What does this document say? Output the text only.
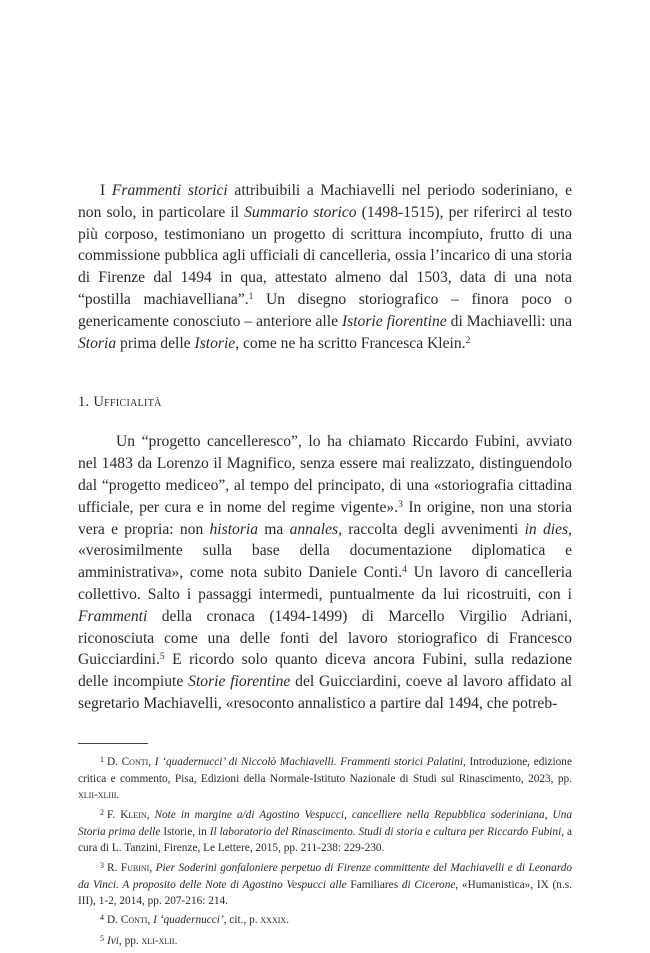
I Frammenti storici attribuibili a Machiavelli nel periodo soderiniano, e non solo, in particolare il Summario storico (1498-1515), per riferirci al testo più corposo, testimoniano un progetto di scrittura incompiuto, frutto di una commissione pubblica agli ufficiali di cancelleria, ossia l’incarico di una storia di Firenze dal 1494 in qua, attestato almeno dal 1503, data di una nota “postilla machiavelliana”.$^1$ Un disegno storiografico – finora poco o genericamente conosciuto – anteriore alle Istorie fiorentine di Machiavelli: una Storia prima delle Istorie, come ne ha scritto Francesca Klein.$^2$

1. Ufficialità

Un “progetto cancelleresco”, lo ha chiamato Riccardo Fubini, avviato nel 1483 da Lorenzo il Magnifico, senza essere mai realizzato, distinguendolo dal “progetto mediceo”, al tempo del principato, di una «storiografia cittadina ufficiale, per cura e in nome del regime vigente».$^3$ In origine, non una storia vera e propria: non historia ma annales, raccolta degli avvenimenti in dies, «verosimilmente sulla base della documentazione diplomatica e amministrativa», come nota subito Daniele Conti.$^4$ Un lavoro di cancelleria collettivo. Salto i passaggi intermedi, puntualmente da lui ricostruiti, con i Frammenti della cronaca (1494-1499) di Marcello Virgilio Adriani, riconosciuta come una delle fonti del lavoro storiografico di Francesco Guicciardini.$^5$ E ricordo solo quanto diceva ancora Fubini, sulla redazione delle incompiute Storie fiorentine del Guicciardini, coeve al lavoro affidato al segretario Machiavelli, «resoconto annalistico a partire dal 1494, che potreb-

$^1$ D. Conti, I ‘quadernucci’ di Niccolò Machiavelli. Frammenti storici Palatini, Introduzione, edizione critica e commento, Pisa, Edizioni della Normale-Istituto Nazionale di Studi sul Rinascimento, 2023, pp. xlii-xliii.

$^2$ F. Klein, Note in margine a/di Agostino Vespucci, cancelliere nella Repubblica soderiniana, Una Storia prima delle Istorie, in Il laboratorio del Rinascimento. Studi di storia e cultura per Riccardo Fubini, a cura di L. Tanzini, Firenze, Le Lettere, 2015, pp. 211-238: 229-230.

$^3$ R. Fubini, Pier Soderini gonfaloniere perpetuo di Firenze committente del Machiavelli e di Leonardo da Vinci. A proposito delle Note di Agostino Vespucci alle Familiares di Cicerone, «Humanistica», IX (n.s. III), 1-2, 2014, pp. 207-216: 214.

$^4$ D. Conti, I ‘quadernucci’, cit., p. xxxix.

$^5$ Ivi, pp. xli-xlii.
